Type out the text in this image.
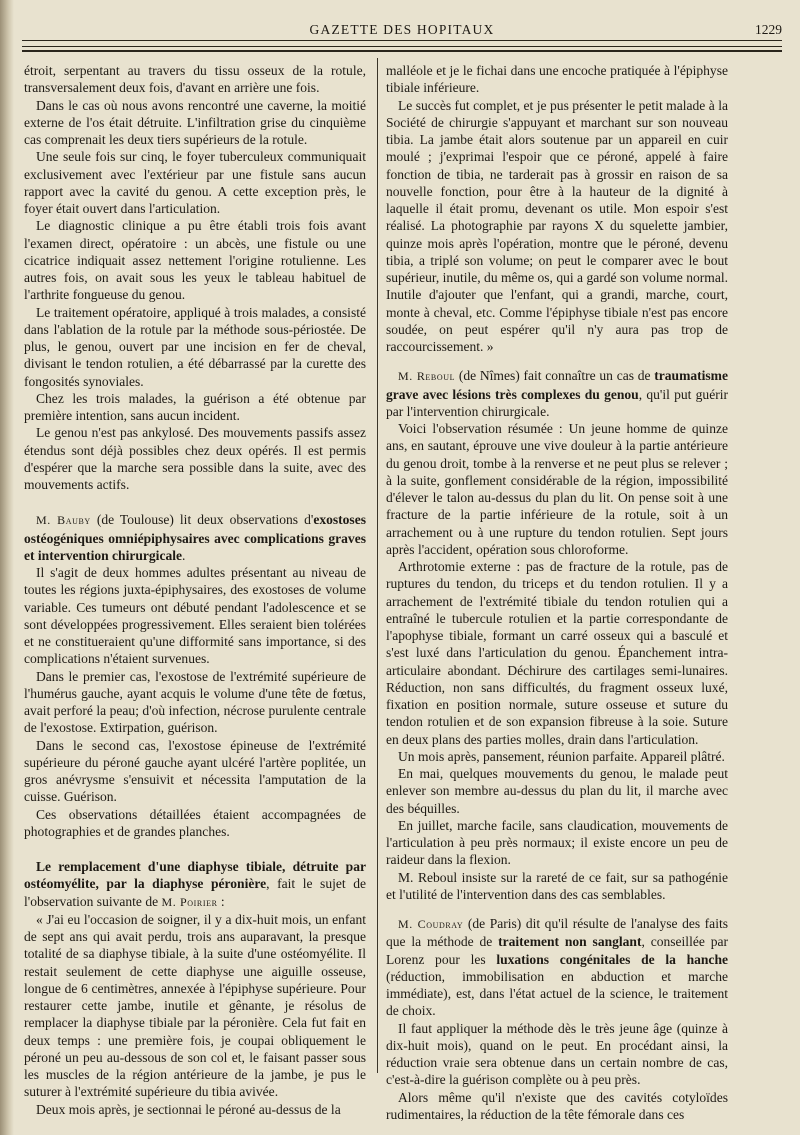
GAZETTE DES HOPITAUX	1229

étroit, serpentant au travers du tissu osseux de la rotule, transversalement deux fois, d'avant en arrière une fois.

Dans le cas où nous avons rencontré une caverne, la moitié externe de l'os était détruite. L'infiltration grise du cinquième cas comprenait les deux tiers supérieurs de la rotule.

Une seule fois sur cinq, le foyer tuberculeux communiquait exclusivement avec l'extérieur par une fistule sans aucun rapport avec la cavité du genou. A cette exception près, le foyer était ouvert dans l'articulation.

Le diagnostic clinique a pu être établi trois fois avant l'examen direct, opératoire : un abcès, une fistule ou une cicatrice indiquait assez nettement l'origine rotulienne. Les autres fois, on avait sous les yeux le tableau habituel de l'arthrite fongueuse du genou.

Le traitement opératoire, appliqué à trois malades, a consisté dans l'ablation de la rotule par la méthode sous-périostée. De plus, le genou, ouvert par une incision en fer de cheval, divisant le tendon rotulien, a été débarrassé par la curette des fongosités synoviales.

Chez les trois malades, la guérison a été obtenue par première intention, sans aucun incident.

Le genou n'est pas ankylosé. Des mouvements passifs assez étendus sont déjà possibles chez deux opérés. Il est permis d'espérer que la marche sera possible dans la suite, avec des mouvements actifs.

M. Bauby (de Toulouse) lit deux observations d'exostoses ostéogéniques omniépiphysaires avec complications graves et intervention chirurgicale.

Il s'agit de deux hommes adultes présentant au niveau de toutes les régions juxta-épiphysaires, des exostoses de volume variable. Ces tumeurs ont débuté pendant l'adolescence et se sont développées progressivement. Elles seraient bien tolérées et ne constitueraient qu'une difformité sans importance, si des complications n'étaient survenues.

Dans le premier cas, l'exostose de l'extrémité supérieure de l'humérus gauche, ayant acquis le volume d'une tête de fœtus, avait perforé la peau; d'où infection, nécrose purulente centrale de l'exostose. Extirpation, guérison.

Dans le second cas, l'exostose épineuse de l'extrémité supérieure du péroné gauche ayant ulcéré l'artère poplitée, un gros anévrysme s'ensuivit et nécessita l'amputation de la cuisse. Guérison.

Ces observations détaillées étaient accompagnées de photographies et de grandes planches.

Le remplacement d'une diaphyse tibiale, détruite par ostéomyélite, par la diaphyse péronière, fait le sujet de l'observation suivante de M. Poirier :

« J'ai eu l'occasion de soigner, il y a dix-huit mois, un enfant de sept ans qui avait perdu, trois ans auparavant, la presque totalité de sa diaphyse tibiale, à la suite d'une ostéomyélite. Il restait seulement de cette diaphyse une aiguille osseuse, longue de 6 centimètres, annexée à l'épiphyse supérieure. Pour restaurer cette jambe, inutile et gênante, je résolus de remplacer la diaphyse tibiale par la péronière. Cela fut fait en deux temps : une première fois, je coupai obliquement le péroné un peu au-dessous de son col et, le faisant passer sous les muscles de la région antérieure de la jambe, je pus le suturer à l'extrémité supérieure du tibia avivée.

Deux mois après, je sectionnai le péroné au-dessus de la

malléole et je le fichai dans une encoche pratiquée à l'épiphyse tibiale inférieure.

Le succès fut complet, et je pus présenter le petit malade à la Société de chirurgie s'appuyant et marchant sur son nouveau tibia. La jambe était alors soutenue par un appareil en cuir moulé ; j'exprimai l'espoir que ce péroné, appelé à faire fonction de tibia, ne tarderait pas à grossir en raison de sa nouvelle fonction, pour être à la hauteur de la dignité à laquelle il était promu, devenant os utile. Mon espoir s'est réalisé. La photographie par rayons X du squelette jambier, quinze mois après l'opération, montre que le péroné, devenu tibia, a triplé son volume; on peut le comparer avec le bout supérieur, inutile, du même os, qui a gardé son volume normal. Inutile d'ajouter que l'enfant, qui a grandi, marche, court, monte à cheval, etc. Comme l'épiphyse tibiale n'est pas encore soudée, on peut espérer qu'il n'y aura pas trop de raccourcissement. »

M. Reboul (de Nîmes) fait connaître un cas de traumatisme grave avec lésions très complexes du genou, qu'il put guérir par l'intervention chirurgicale.

Voici l'observation résumée : Un jeune homme de quinze ans, en sautant, éprouve une vive douleur à la partie antérieure du genou droit, tombe à la renverse et ne peut plus se relever ; à la suite, gonflement considérable de la région, impossibilité d'élever le talon au-dessus du plan du lit. On pense soit à une fracture de la partie inférieure de la rotule, soit à un arrachement ou à une rupture du tendon rotulien. Sept jours après l'accident, opération sous chloroforme.

Arthrotomie externe : pas de fracture de la rotule, pas de ruptures du tendon, du triceps et du tendon rotulien. Il y a arrachement de l'extrémité tibiale du tendon rotulien qui a entraîné le tubercule rotulien et la partie correspondante de l'apophyse tibiale, formant un carré osseux qui a basculé et s'est luxé dans l'articulation du genou. Épanchement intra-articulaire abondant. Déchirure des cartilages semi-lunaires. Réduction, non sans difficultés, du fragment osseux luxé, fixation en position normale, suture osseuse et suture du tendon rotulien et de son expansion fibreuse à la soie. Suture en deux plans des parties molles, drain dans l'articulation.

Un mois après, pansement, réunion parfaite. Appareil plâtré.

En mai, quelques mouvements du genou, le malade peut enlever son membre au-dessus du plan du lit, il marche avec des béquilles.

En juillet, marche facile, sans claudication, mouvements de l'articulation à peu près normaux; il existe encore un peu de raideur dans la flexion.

M. Reboul insiste sur la rareté de ce fait, sur sa pathogénie et l'utilité de l'intervention dans des cas semblables.

M. Coudray (de Paris) dit qu'il résulte de l'analyse des faits que la méthode de traitement non sanglant, conseillée par Lorenz pour les luxations congénitales de la hanche (réduction, immobilisation en abduction et marche immédiate), est, dans l'état actuel de la science, le traitement de choix.

Il faut appliquer la méthode dès le très jeune âge (quinze à dix-huit mois), quand on le peut. En procédant ainsi, la réduction vraie sera obtenue dans un certain nombre de cas, c'est-à-dire la guérison complète ou à peu près.

Alors même qu'il n'existe que des cavités cotyloïdes rudimentaires, la réduction de la tête fémorale dans ces
